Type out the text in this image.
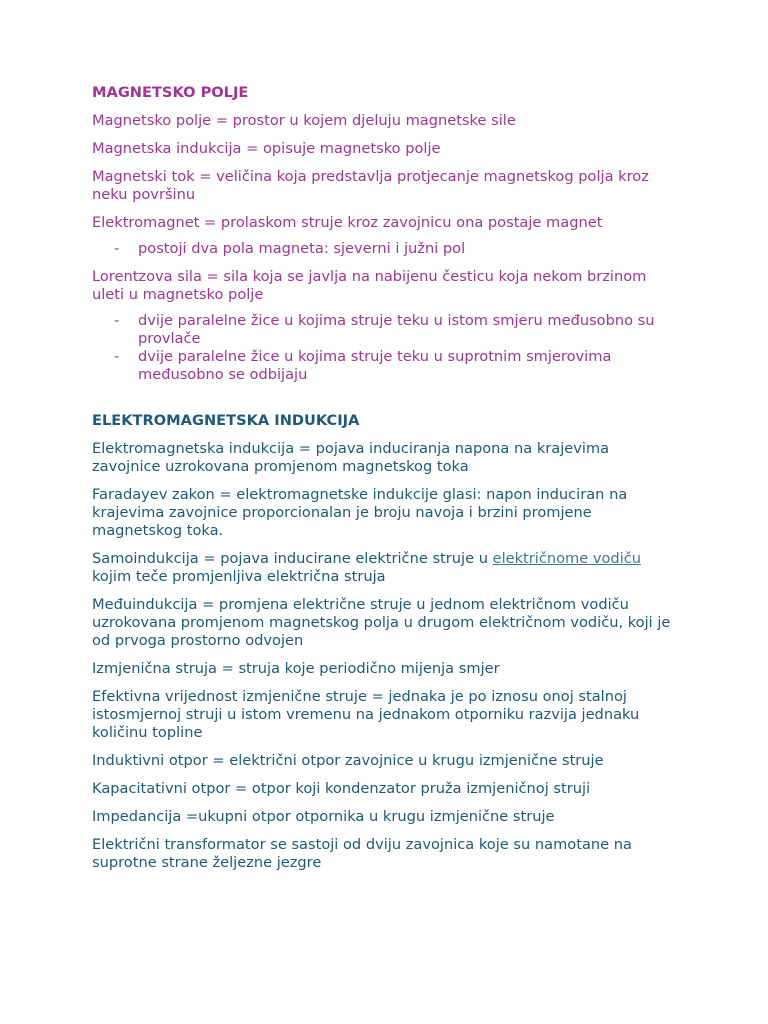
MAGNETSKO POLJE

Magnetsko polje = prostor u kojem djeluju magnetske sile

Magnetska indukcija = opisuje magnetsko polje

Magnetski tok = veličina koja predstavlja protjecanje magnetskog polja kroz neku površinu

Elektromagnet = prolaskom struje kroz zavojnicu ona postaje magnet

- postoji dva pola magneta: sjeverni i južni pol

Lorentzova sila = sila koja se javlja na nabijenu česticu koja nekom brzinom uleti u magnetsko polje

- dvije paralelne žice u kojima struje teku u istom smjeru međusobno su provlače
- dvije paralelne žice u kojima struje teku u suprotnim smjerovima međusobno se odbijaju
ELEKTROMAGNETSKA INDUKCIJA

Elektromagnetska indukcija = pojava induciranja napona na krajevima zavojnice uzrokovana promjenom magnetskog toka

Faradayev zakon = elektromagnetske indukcije glasi: napon induciran na krajevima zavojnice proporcionalan je broju navoja i brzini promjene magnetskog toka.

Samoindukcija = pojava inducirane električne struje u električnome vodiču kojim teče promjenljiva električna struja

Međuindukcija = promjena električne struje u jednom električnom vodiču uzrokovana promjenom magnetskog polja u drugom električnom vodiču, koji je od prvoga prostorno odvojen

Izmjenična struja = struja koje periodično mijenja smjer

Efektivna vrijednost izmjenične struje = jednaka je po iznosu onoj stalnoj istosmjernoj struji u istom vremenu na jednakom otporniku razvija jednaku količinu topline

Induktivni otpor = električni otpor zavojnice u krugu izmjenične struje

Kapacitativni otpor = otpor koji kondenzator pruža izmjeničnoj struji

Impedancija =ukupni otpor otpornika u krugu izmjenične struje

Električni transformator se sastoji od dviju zavojnica koje su namotane na suprotne strane željezne jezgre
